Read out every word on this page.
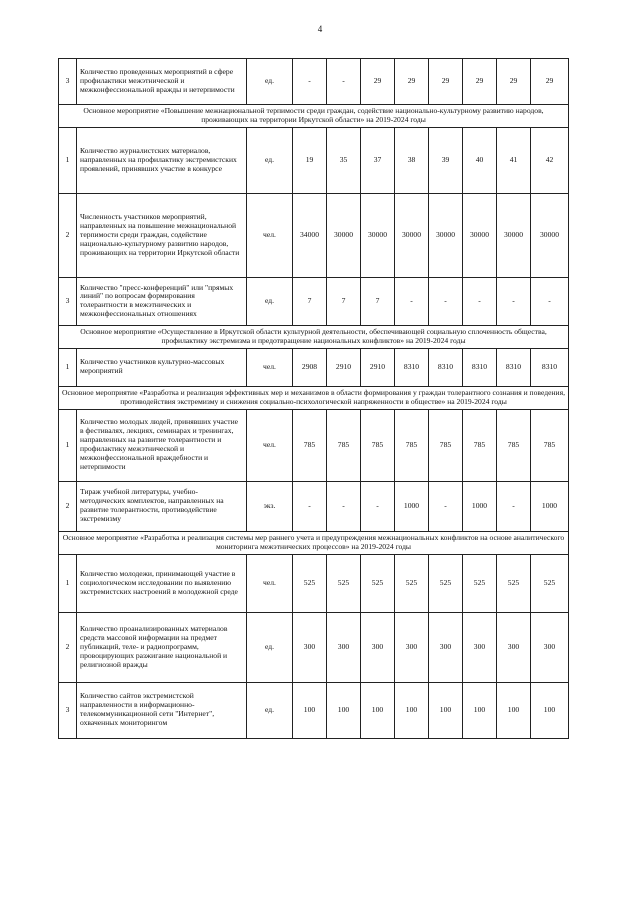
4
3	Количество проведенных мероприятий в сфере профилактики межэтнической и межконфессиональной вражды и нетерпимости	ед.	-	-	29	29	29	29	29	29
Основное мероприятие «Повышение межнациональной терпимости среди граждан, содействие национально-культурному развитию народов, проживающих на территории Иркутской области» на 2019-2024 годы										
1	Количество журналистских материалов, направленных на профилактику экстремистских проявлений, принявших участие в конкурсе	ед.	19	35	37	38	39	40	41	42
2	Численность участников мероприятий, направленных на повышение межнациональной терпимости среди граждан, содействие национально-культурному развитию народов, проживающих на территории Иркутской области	чел.	34000	30000	30000	30000	30000	30000	30000	30000
3	Количество "пресс-конференций" или "прямых линий" по вопросам формирования толерантности в межэтнических и межконфессиональных отношениях	ед.	7	7	7	-	-	-	-	-
Основное мероприятие «Осуществление в Иркутской области культурной деятельности, обеспечивающей социальную сплоченность общества, профилактику экстремизма и предотвращение национальных конфликтов» на 2019-2024 годы										
1	Количество участников культурно-массовых мероприятий	чел.	2908	2910	2910	8310	8310	8310	8310	8310
Основное мероприятие «Разработка и реализация эффективных мер и механизмов в области формирования у граждан толерантного сознания и поведения, противодействия экстремизму и снижения социально-психологической напряженности в обществе» на 2019-2024 годы										
1	Количество молодых людей, принявших участие в фестивалях, лекциях, семинарах и тренингах, направленных на развитие толерантности и профилактику межэтнической и межконфессиональной враждебности и нетерпимости	чел.	785	785	785	785	785	785	785	785
2	Тираж учебной литературы, учебно-методических комплектов, направленных на развитие толерантности, противодействие экстремизму	экз.	-	-	-	1000	-	1000	-	1000
Основное мероприятие «Разработка и реализация системы мер раннего учета и предупреждения межнациональных конфликтов на основе аналитического мониторинга межэтнических процессов» на 2019-2024 годы										
1	Количество молодежи, принимающей участие в социологическом исследовании по выявлению экстремистских настроений в молодежной среде	чел.	525	525	525	525	525	525	525	525
2	Количество проанализированных материалов средств массовой информации на предмет публикаций, теле- и радиопрограмм, провоцирующих разжигание национальной и религиозной вражды	ед.	300	300	300	300	300	300	300	300
3	Количество сайтов экстремистской направленности в информационно-телекоммуникационной сети "Интернет", охваченных мониторингом	ед.	100	100	100	100	100	100	100	100
